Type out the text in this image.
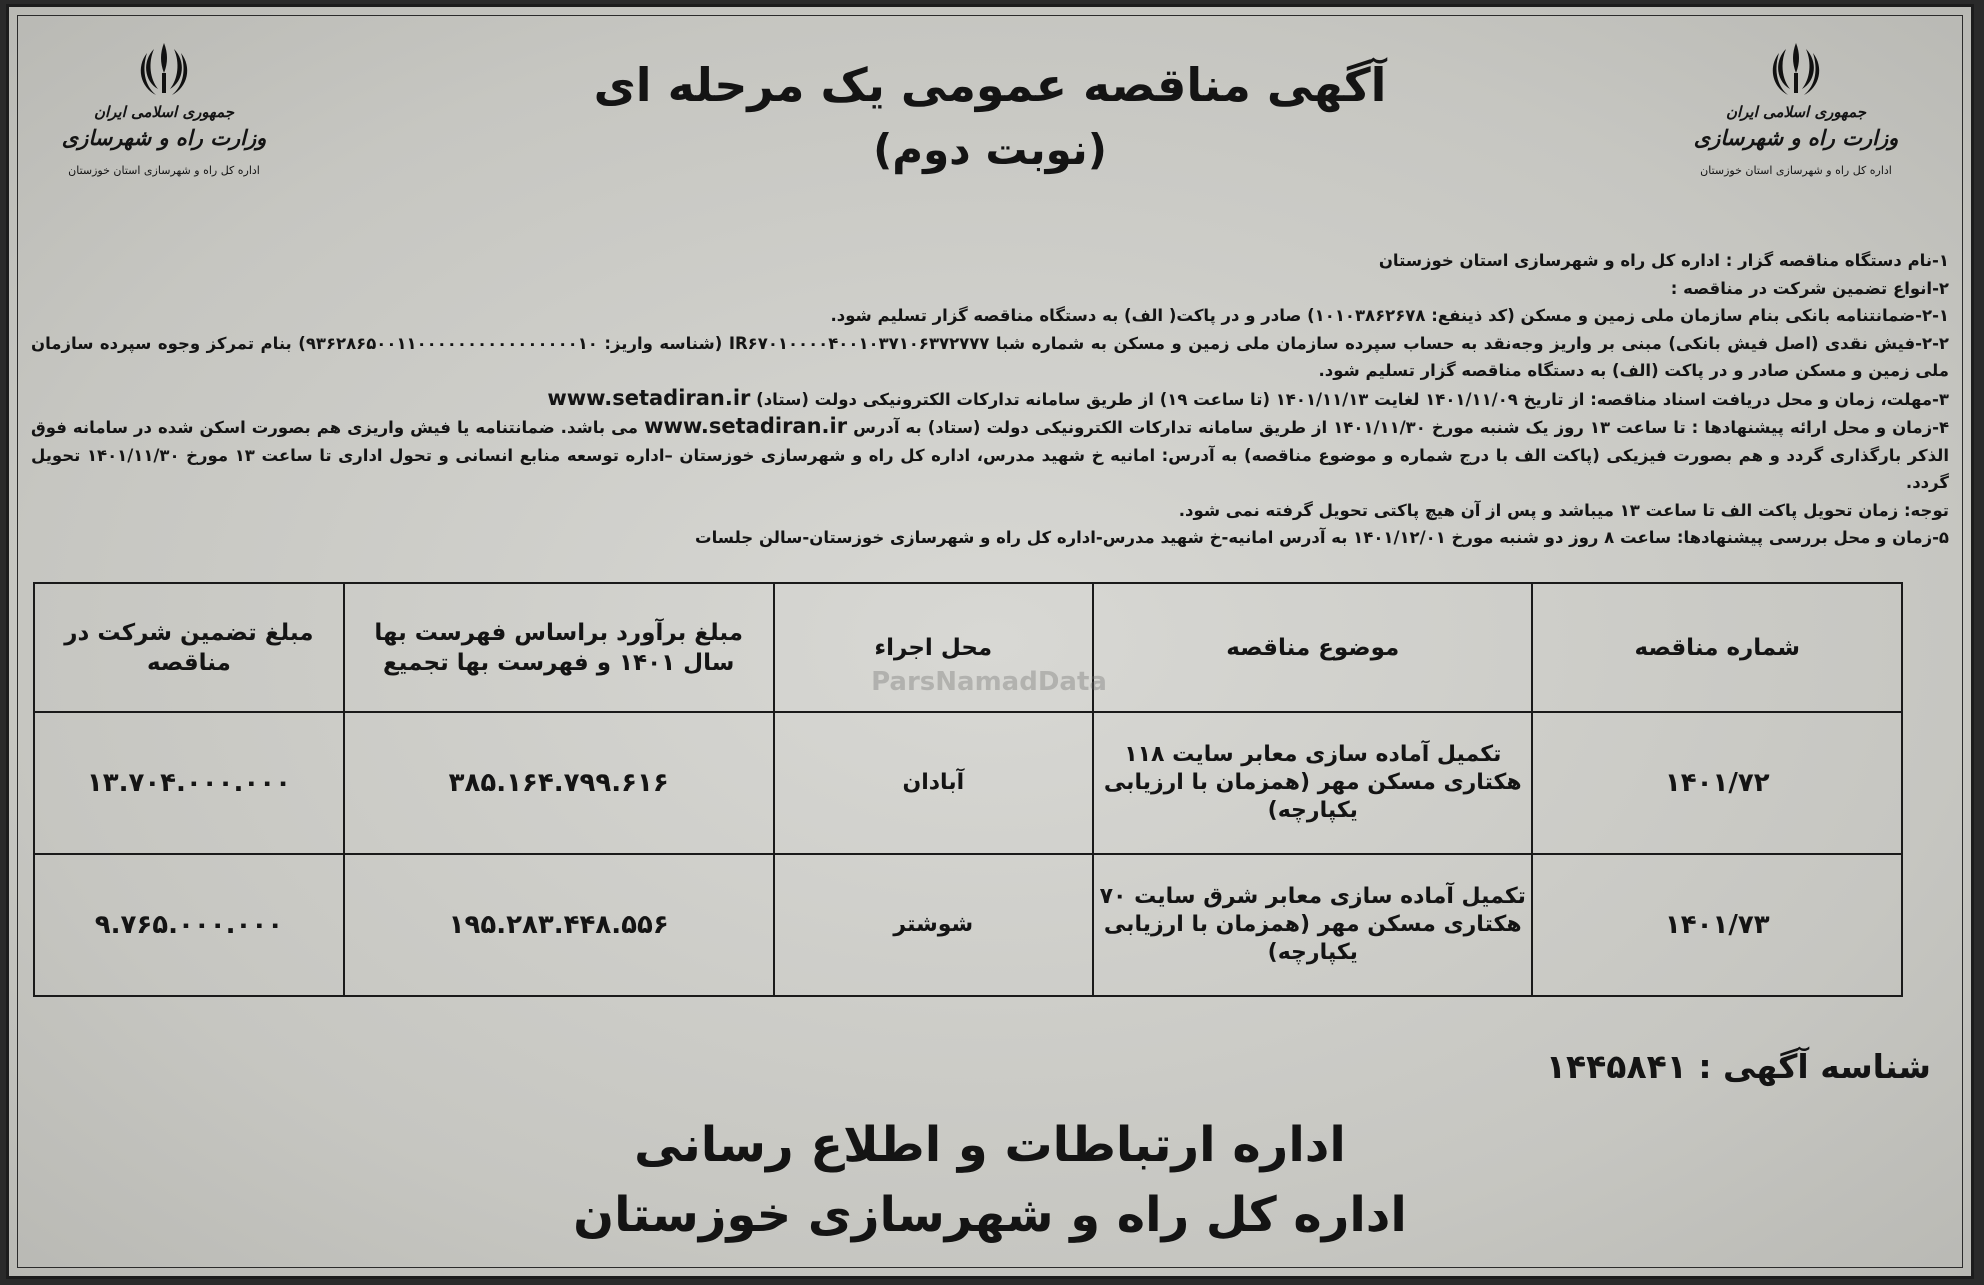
جمهوری اسلامی ایران
وزارت راه و شهرسازی
اداره کل راه و شهرسازی استان خوزستان
جمهوری اسلامی ایران
وزارت راه و شهرسازی
اداره کل راه و شهرسازی استان خوزستان
آگهی مناقصه عمومی یک مرحله ای
(نوبت دوم)

۱-نام دستگاه مناقصه گزار : اداره کل راه و شهرسازی استان خوزستان

۲-انواع تضمین شرکت در مناقصه :

۲-۱-ضمانتنامه بانکی بنام سازمان ملی زمین و مسکن (کد ذینفع: ۱۰۱۰۳۸۶۲۶۷۸) صادر و در پاکت( الف) به دستگاه مناقصه گزار تسلیم شود.

۲-۲-فیش نقدی (اصل فیش بانکی) مبنی بر واریز وجه‌نقد به حساب سپرده سازمان ملی زمین و مسکن به شماره شبا IR۶۷۰۱۰۰۰۰۴۰۰۱۰۳۷۱۰۶۳۷۲۷۷۷ (شناسه واریز: ۹۳۶۲۸۶۵۰۰۱۱۰۰۰۰۰۰۰۰۰۰۰۰۰۰۰۰۱۰) بنام تمرکز وجوه سپرده سازمان ملی زمین و مسکن صادر و در پاکت (الف) به دستگاه مناقصه گزار تسلیم شود.

۳-مهلت، زمان و محل دریافت اسناد مناقصه: از تاریخ ۱۴۰۱/۱۱/۰۹ لغایت ۱۴۰۱/۱۱/۱۳ (تا ساعت ۱۹) از طریق سامانه تدارکات الکترونیکی دولت (ستاد) www.setadiran.ir

۴-زمان و محل ارائه پیشنهادها : تا ساعت ۱۳ روز یک شنبه مورخ ۱۴۰۱/۱۱/۳۰ از طریق سامانه تدارکات الکترونیکی دولت (ستاد) به آدرس www.setadiran.ir می باشد. ضمانتنامه یا فیش واریزی هم بصورت اسکن شده در سامانه فوق الذکر بارگذاری گردد و هم بصورت فیزیکی (پاکت الف با درج شماره و موضوع مناقصه) به آدرس: امانیه خ شهید مدرس، اداره کل راه و شهرسازی خوزستان –اداره توسعه منابع انسانی و تحول اداری تا ساعت ۱۳ مورخ ۱۴۰۱/۱۱/۳۰ تحویل گردد.

توجه: زمان تحویل پاکت الف تا ساعت ۱۳ میباشد و پس از آن هیچ پاکتی تحویل گرفته نمی شود.

۵-زمان و محل بررسی پیشنهادها: ساعت ۸ روز دو شنبه مورخ ۱۴۰۱/۱۲/۰۱ به آدرس امانیه-خ شهید مدرس-اداره کل راه و شهرسازی خوزستان-سالن جلسات

شماره مناقصه	موضوع مناقصه	محل اجراء	مبلغ برآورد براساس فهرست بها سال ۱۴۰۱ و فهرست بها تجمیع	مبلغ تضمین شرکت در مناقصه
۱۴۰۱/۷۲	تکمیل آماده سازی معابر سایت ۱۱۸ هکتاری مسکن مهر (همزمان با ارزیابی یکپارچه)	آبادان	۳۸۵.۱۶۴.۷۹۹.۶۱۶	۱۳.۷۰۴.۰۰۰.۰۰۰
۱۴۰۱/۷۳	تکمیل آماده سازی معابر شرق سایت ۷۰ هکتاری مسکن مهر (همزمان با ارزیابی یکپارچه)	شوشتر	۱۹۵.۲۸۳.۴۴۸.۵۵۶	۹.۷۶۵.۰۰۰.۰۰۰
ParsNamadData
شناسه آگهی : ۱۴۴۵۸۴۱
اداره ارتباطات و اطلاع رسانی
اداره کل راه و شهرسازی خوزستان
